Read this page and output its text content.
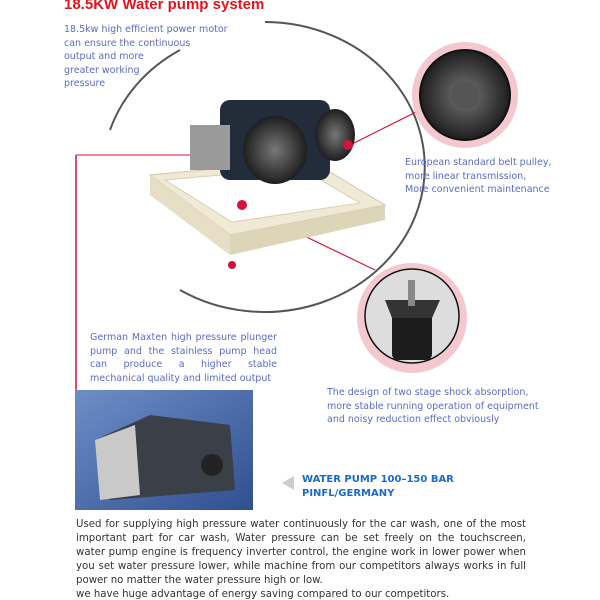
18.5KW Water pump system
18.5kw high efficient power motor
can ensure the continuous
output and more
greater working
pressure
European standard belt pulley,
more linear transmission,
More convenient maintenance
German Maxten high pressure plunger pump and the stainless pump head can produce a higher stable mechanical quality and limited output
The design of two stage shock absorption,
more stable running operation of equipment
and noisy reduction effect obviously
WATER PUMP 100–150 BAR
PINFL/GERMANY
Used for supplying high pressure water continuously for the car wash, one of the most important part for car wash, Water pressure can be set freely on the touchscreen, water pump engine is frequency inverter control, the engine work in lower power when you set water pressure lower, while machine from our competitors always works in full power no matter the water pressure high or low.
we have huge advantage of energy saving compared to our competitors.
